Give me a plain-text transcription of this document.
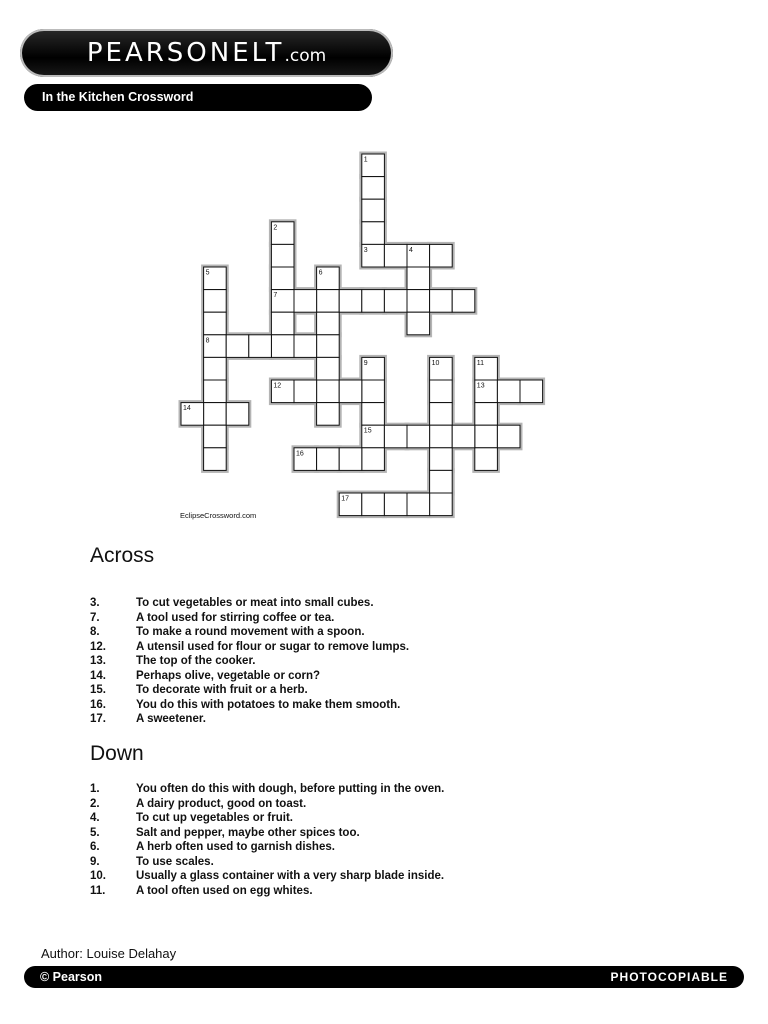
PEARSONELT.com
In the Kitchen Crossword
1
2
3	4
5	6
7
8
9	10	11
12	13
14
15
16
17
EclipseCrossword.com
Across
3.	To cut vegetables or meat into small cubes.
7.	A tool used for stirring coffee or tea.
8.	To make a round movement with a spoon.
12.	A utensil used for flour or sugar to remove lumps.
13.	The top of the cooker.
14.	Perhaps olive, vegetable or corn?
15.	To decorate with fruit or a herb.
16.	You do this with potatoes to make them smooth.
17.	A sweetener.
Down
1.	You often do this with dough, before putting in the oven.
2.	A dairy product, good on toast.
4.	To cut up vegetables or fruit.
5.	Salt and pepper, maybe other spices too.
6.	A herb often used to garnish dishes.
9.	To use scales.
10.	Usually a glass container with a very sharp blade inside.
11.	A tool often used on egg whites.
Author: Louise Delahay
© Pearson	PHOTOCOPIABLE
